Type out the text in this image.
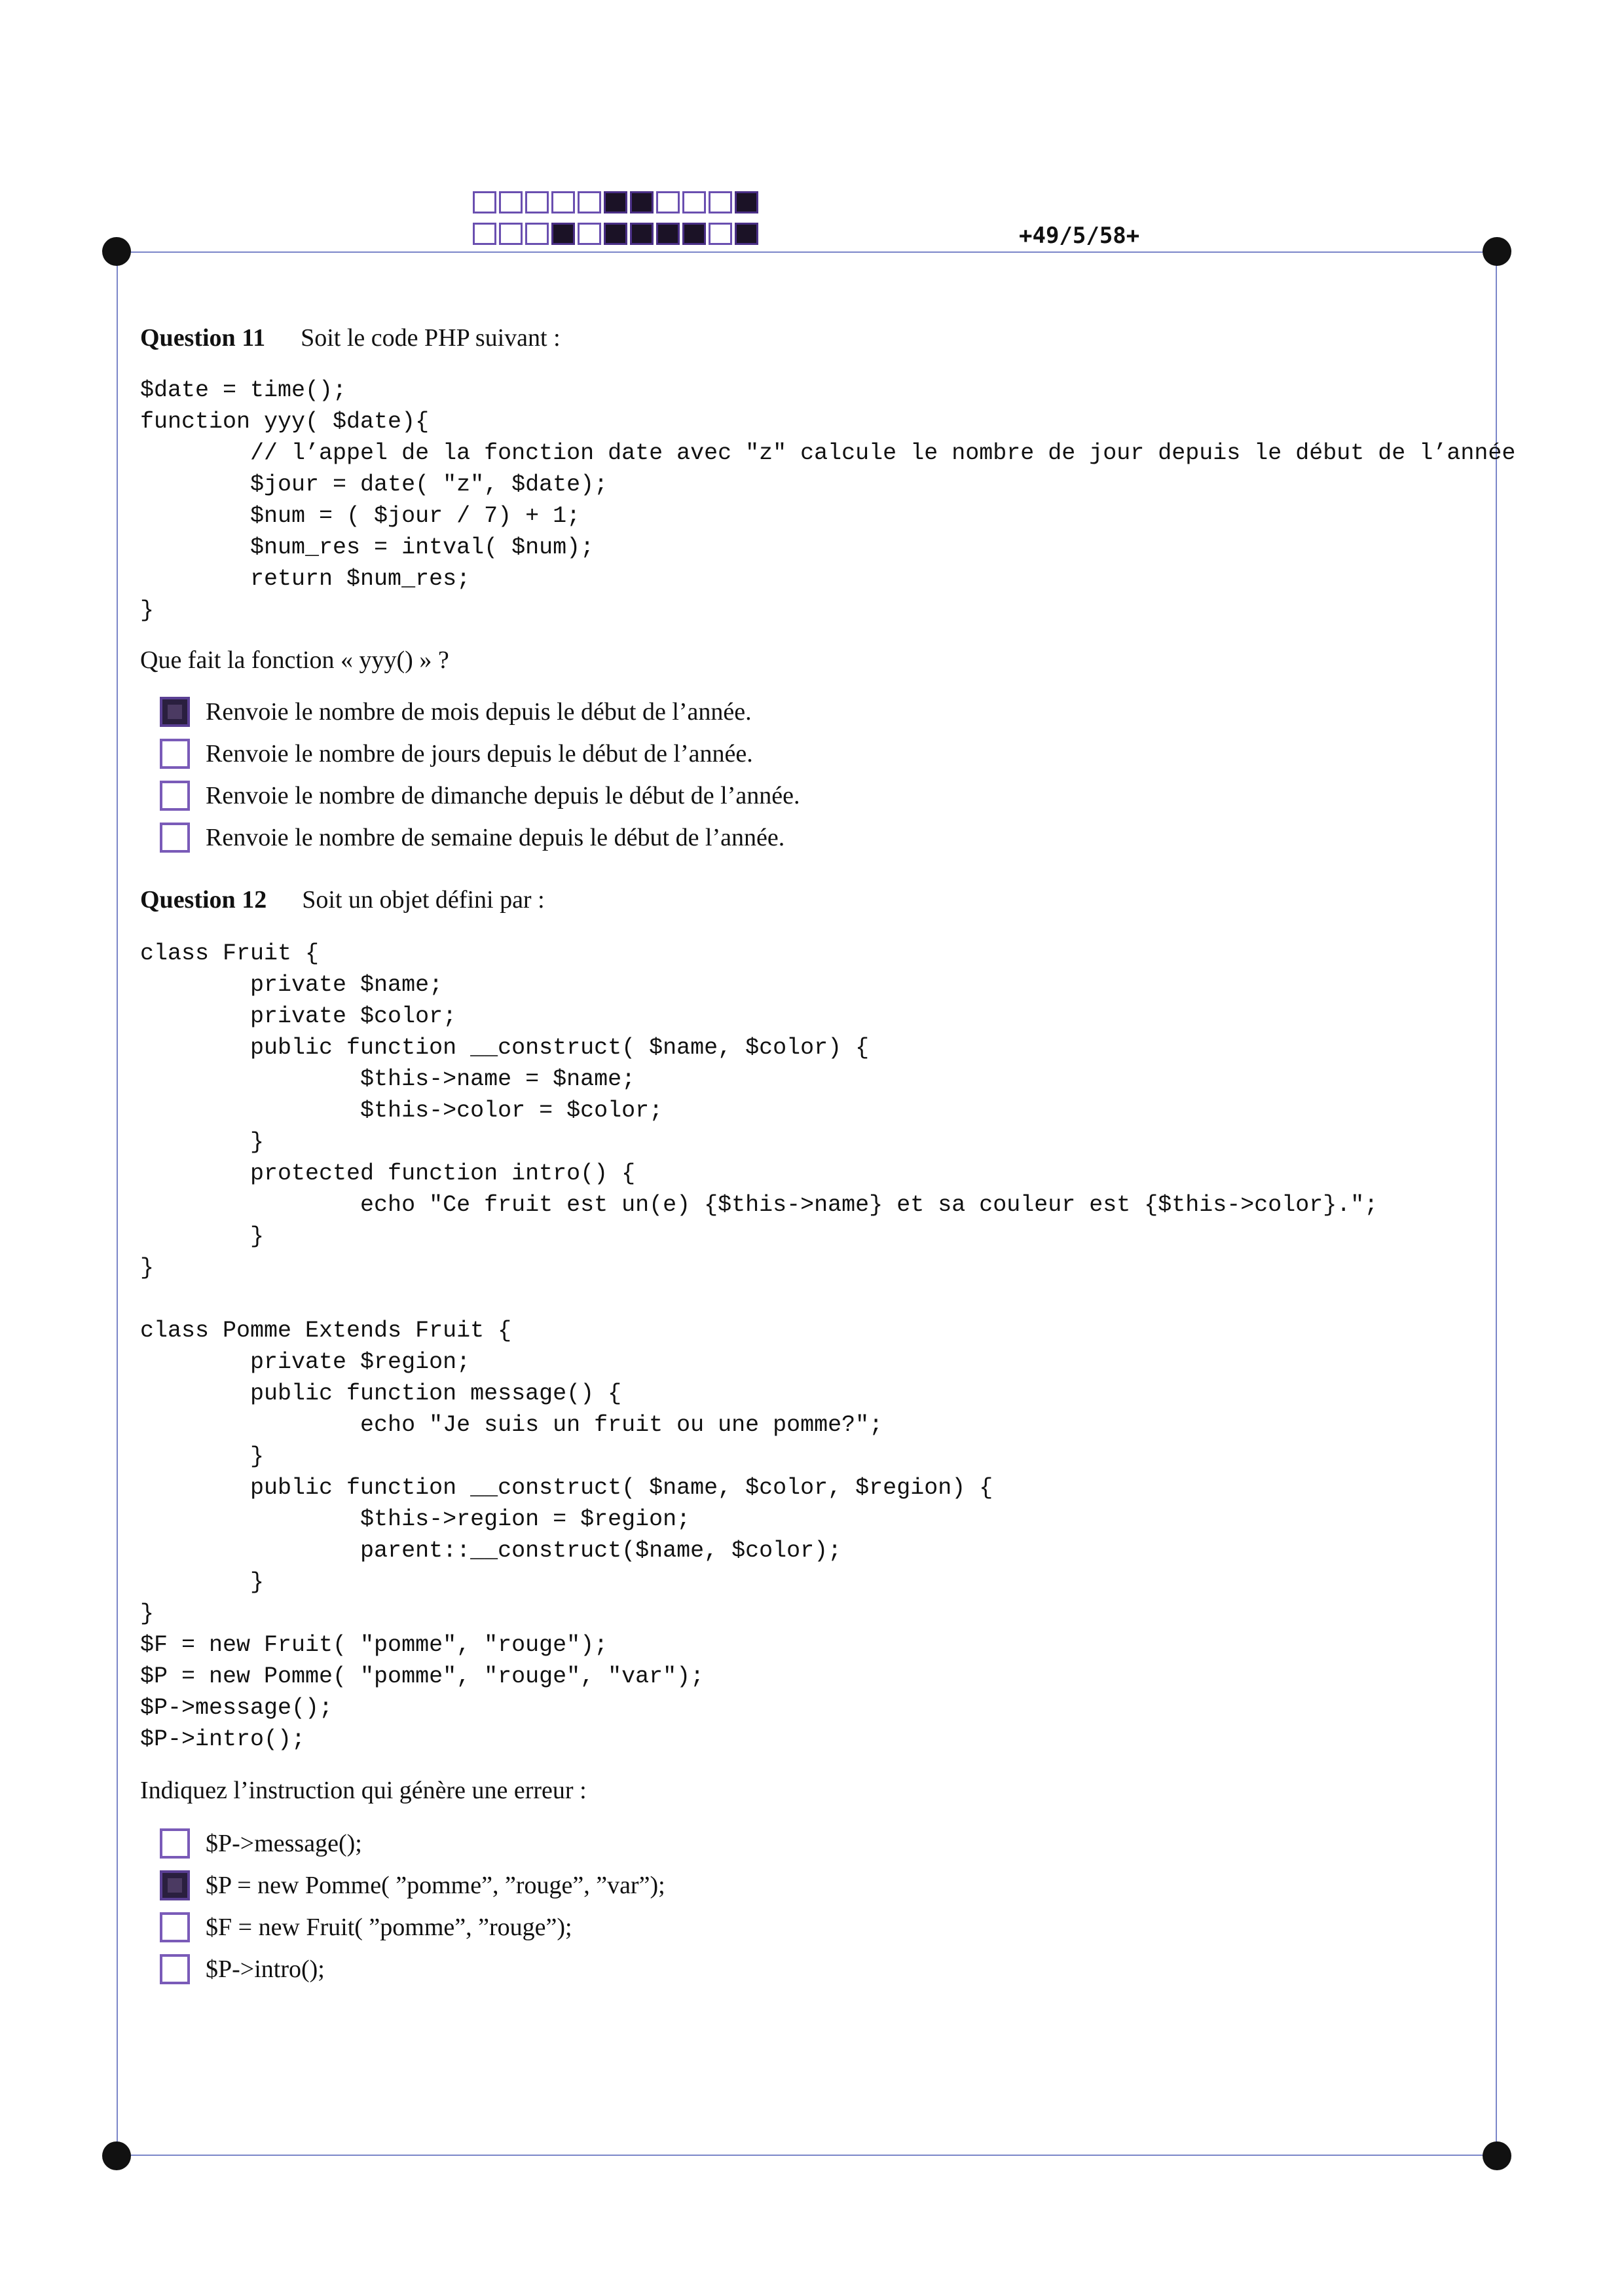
+49/5/58+
Question 11 Soit le code PHP suivant :
$date = time();
function yyy( $date){
// l’appel de la fonction date avec "z" calcule le nombre de jour depuis le début de l’année
$jour = date( "z", $date);
$num = ( $jour / 7) + 1;
$num_res = intval( $num);
return $num_res;
}
Que fait la fonction « yyy() » ?
Renvoie le nombre de mois depuis le début de l’année.
Renvoie le nombre de jours depuis le début de l’année.
Renvoie le nombre de dimanche depuis le début de l’année.
Renvoie le nombre de semaine depuis le début de l’année.
Question 12 Soit un objet défini par :
class Fruit {
private $name;
private $color;
public function __construct( $name, $color) {
$this->name = $name;
$this->color = $color;
}
protected function intro() {
echo "Ce fruit est un(e) {$this->name} et sa couleur est {$this->color}.";
}
}

class Pomme Extends Fruit {
private $region;
public function message() {
echo "Je suis un fruit ou une pomme?";
}
public function __construct( $name, $color, $region) {
$this->region = $region;
parent::__construct($name, $color);
}
}
$F = new Fruit( "pomme", "rouge");
$P = new Pomme( "pomme", "rouge", "var");
$P->message();
$P->intro();
Indiquez l’instruction qui génère une erreur :
$P->message();
$P = new Pomme( ”pomme”, ”rouge”, ”var”);
$F = new Fruit( ”pomme”, ”rouge”);
$P->intro();
